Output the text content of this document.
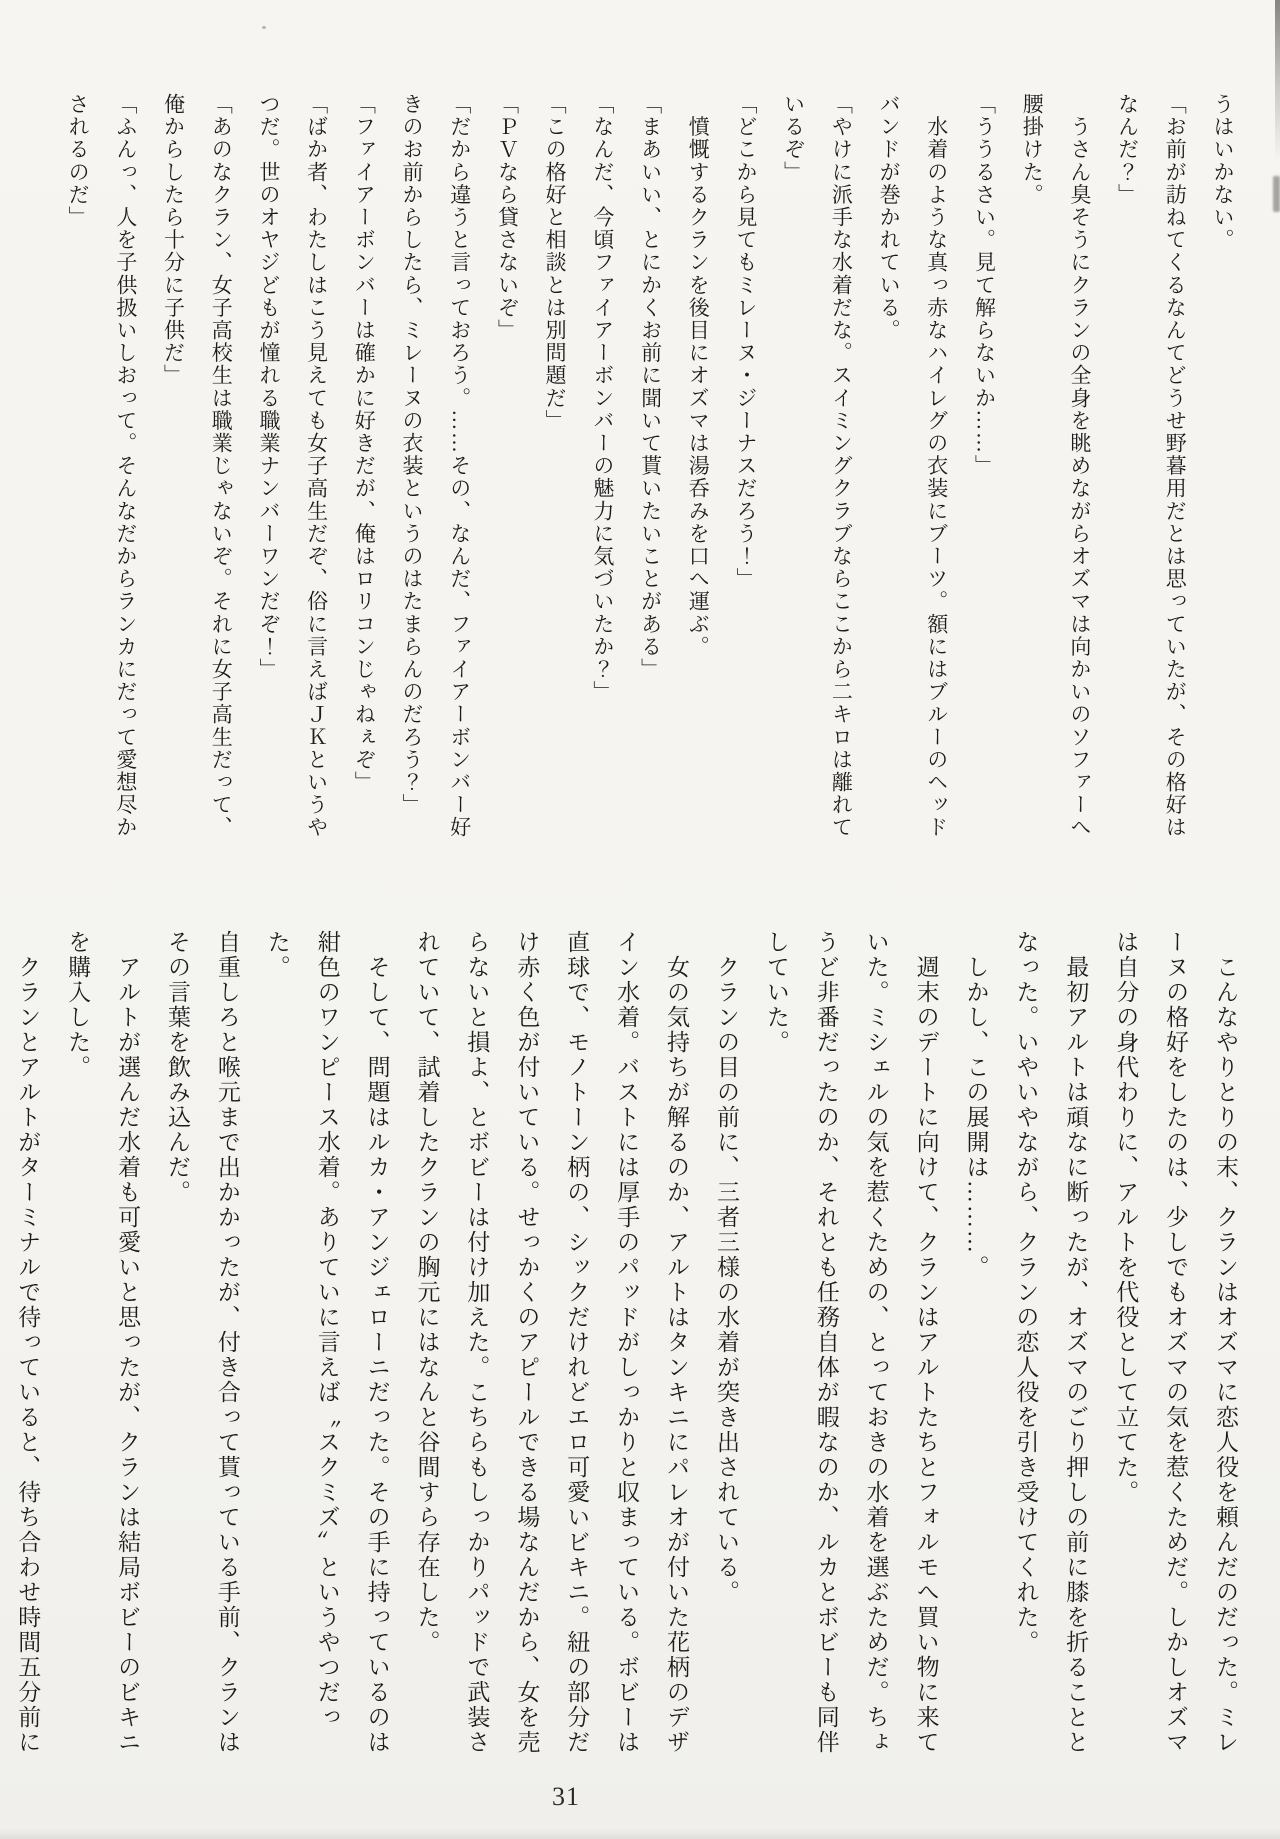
うはいかない。
「お前が訪ねてくるなんてどうせ野暮用だとは思っていたが、その格好は
なんだ？」
　うさん臭そうにクランの全身を眺めながらオズマは向かいのソファーへ
腰掛けた。
「ううるさい。見て解らないか……」
　水着のような真っ赤なハイレグの衣装にブーツ。額にはブルーのヘッド
バンドが巻かれている。
「やけに派手な水着だな。スイミングクラブならここから二キロは離れて
いるぞ」
「どこから見てもミレーヌ・ジーナスだろう！」
　憤慨するクランを後目にオズマは湯呑みを口へ運ぶ。
「まあいい、とにかくお前に聞いて貰いたいことがある」
「なんだ、今頃ファイアーボンバーの魅力に気づいたか？」
「この格好と相談とは別問題だ」
「ＰＶなら貸さないぞ」
「だから違うと言っておろう。……その、なんだ、ファイアーボンバー好
きのお前からしたら、ミレーヌの衣装というのはたまらんのだろう？」
「ファイアーボンバーは確かに好きだが、俺はロリコンじゃねぇぞ」
「ばか者、わたしはこう見えても女子高生だぞ、俗に言えばＪＫというや
つだ。世のオヤジどもが憧れる職業ナンバーワンだぞ！」
「あのなクラン、女子高校生は職業じゃないぞ。それに女子高生だって、
俺からしたら十分に子供だ」
「ふんっ、人を子供扱いしおって。そんなだからランカにだって愛想尽か
されるのだ」
　こんなやりとりの末、クランはオズマに恋人役を頼んだのだった。ミレ
ーヌの格好をしたのは、少しでもオズマの気を惹くためだ。しかしオズマ
は自分の身代わりに、アルトを代役として立てた。
　最初アルトは頑なに断ったが、オズマのごり押しの前に膝を折ることと
なった。いやいやながら、クランの恋人役を引き受けてくれた。
　しかし、この展開は………。
　週末のデートに向けて、クランはアルトたちとフォルモへ買い物に来て
いた。ミシェルの気を惹くための、とっておきの水着を選ぶためだ。ちょ
うど非番だったのか、それとも任務自体が暇なのか、ルカとボビーも同伴
していた。
　クランの目の前に、三者三様の水着が突き出されている。
　女の気持ちが解るのか、アルトはタンキニにパレオが付いた花柄のデザ
イン水着。バストには厚手のパッドがしっかりと収まっている。ボビーは
直球で、モノトーン柄の、シックだけれどエロ可愛いビキニ。紐の部分だ
け赤く色が付いている。せっかくのアピールできる場なんだから、女を売
らないと損よ、とボビーは付け加えた。こちらもしっかりパッドで武装さ
れていて、試着したクランの胸元にはなんと谷間すら存在した。
　そして、問題はルカ・アンジェローニだった。その手に持っているのは
紺色のワンピース水着。ありていに言えば〝スクミズ〟というやつだった。
自重しろと喉元まで出かかったが、付き合って貰っている手前、クランは
その言葉を飲み込んだ。
　アルトが選んだ水着も可愛いと思ったが、クランは結局ボビーのビキニ
を購入した。
　クランとアルトがターミナルで待っていると、待ち合わせ時間五分前に
31
